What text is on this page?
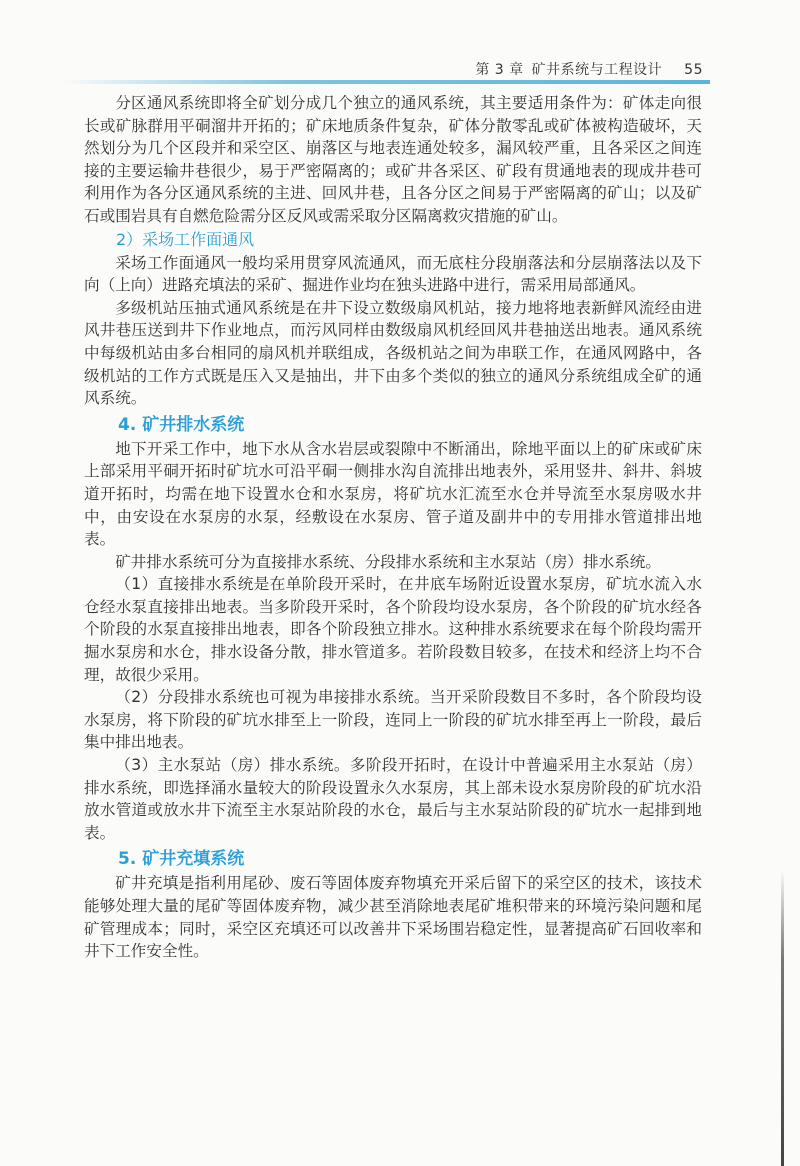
第 3 章 矿井系统与工程设计 55

分区通风系统即将全矿划分成几个独立的通风系统，其主要适用条件为：矿体走向很长或矿脉群用平硐溜井开拓的；矿床地质条件复杂，矿体分散零乱或矿体被构造破坏，天然划分为几个区段并和采空区、崩落区与地表连通处较多，漏风较严重，且各采区之间连接的主要运输井巷很少，易于严密隔离的；或矿井各采区、矿段有贯通地表的现成井巷可利用作为各分区通风系统的主进、回风井巷，且各分区之间易于严密隔离的矿山；以及矿石或围岩具有自燃危险需分区反风或需采取分区隔离救灾措施的矿山。

2）采场工作面通风

采场工作面通风一般均采用贯穿风流通风，而无底柱分段崩落法和分层崩落法以及下向（上向）进路充填法的采矿、掘进作业均在独头进路中进行，需采用局部通风。

多级机站压抽式通风系统是在井下设立数级扇风机站，接力地将地表新鲜风流经由进风井巷压送到井下作业地点，而污风同样由数级扇风机经回风井巷抽送出地表。通风系统中每级机站由多台相同的扇风机并联组成，各级机站之间为串联工作，在通风网路中，各级机站的工作方式既是压入又是抽出，井下由多个类似的独立的通风分系统组成全矿的通风系统。

4. 矿井排水系统

地下开采工作中，地下水从含水岩层或裂隙中不断涌出，除地平面以上的矿床或矿床上部采用平硐开拓时矿坑水可沿平硐一侧排水沟自流排出地表外，采用竖井、斜井、斜坡道开拓时，均需在地下设置水仓和水泵房，将矿坑水汇流至水仓并导流至水泵房吸水井中，由安设在水泵房的水泵，经敷设在水泵房、管子道及副井中的专用排水管道排出地表。

矿井排水系统可分为直接排水系统、分段排水系统和主水泵站（房）排水系统。

（1）直接排水系统是在单阶段开采时，在井底车场附近设置水泵房，矿坑水流入水仓经水泵直接排出地表。当多阶段开采时，各个阶段均设水泵房，各个阶段的矿坑水经各个阶段的水泵直接排出地表，即各个阶段独立排水。这种排水系统要求在每个阶段均需开掘水泵房和水仓，排水设备分散，排水管道多。若阶段数目较多，在技术和经济上均不合理，故很少采用。

（2）分段排水系统也可视为串接排水系统。当开采阶段数目不多时，各个阶段均设水泵房，将下阶段的矿坑水排至上一阶段，连同上一阶段的矿坑水排至再上一阶段，最后集中排出地表。

（3）主水泵站（房）排水系统。多阶段开拓时，在设计中普遍采用主水泵站（房）排水系统，即选择涌水量较大的阶段设置永久水泵房，其上部未设水泵房阶段的矿坑水沿放水管道或放水井下流至主水泵站阶段的水仓，最后与主水泵站阶段的矿坑水一起排到地表。

5. 矿井充填系统

矿井充填是指利用尾砂、废石等固体废弃物填充开采后留下的采空区的技术，该技术能够处理大量的尾矿等固体废弃物，减少甚至消除地表尾矿堆积带来的环境污染问题和尾矿管理成本；同时，采空区充填还可以改善井下采场围岩稳定性，显著提高矿石回收率和井下工作安全性。
